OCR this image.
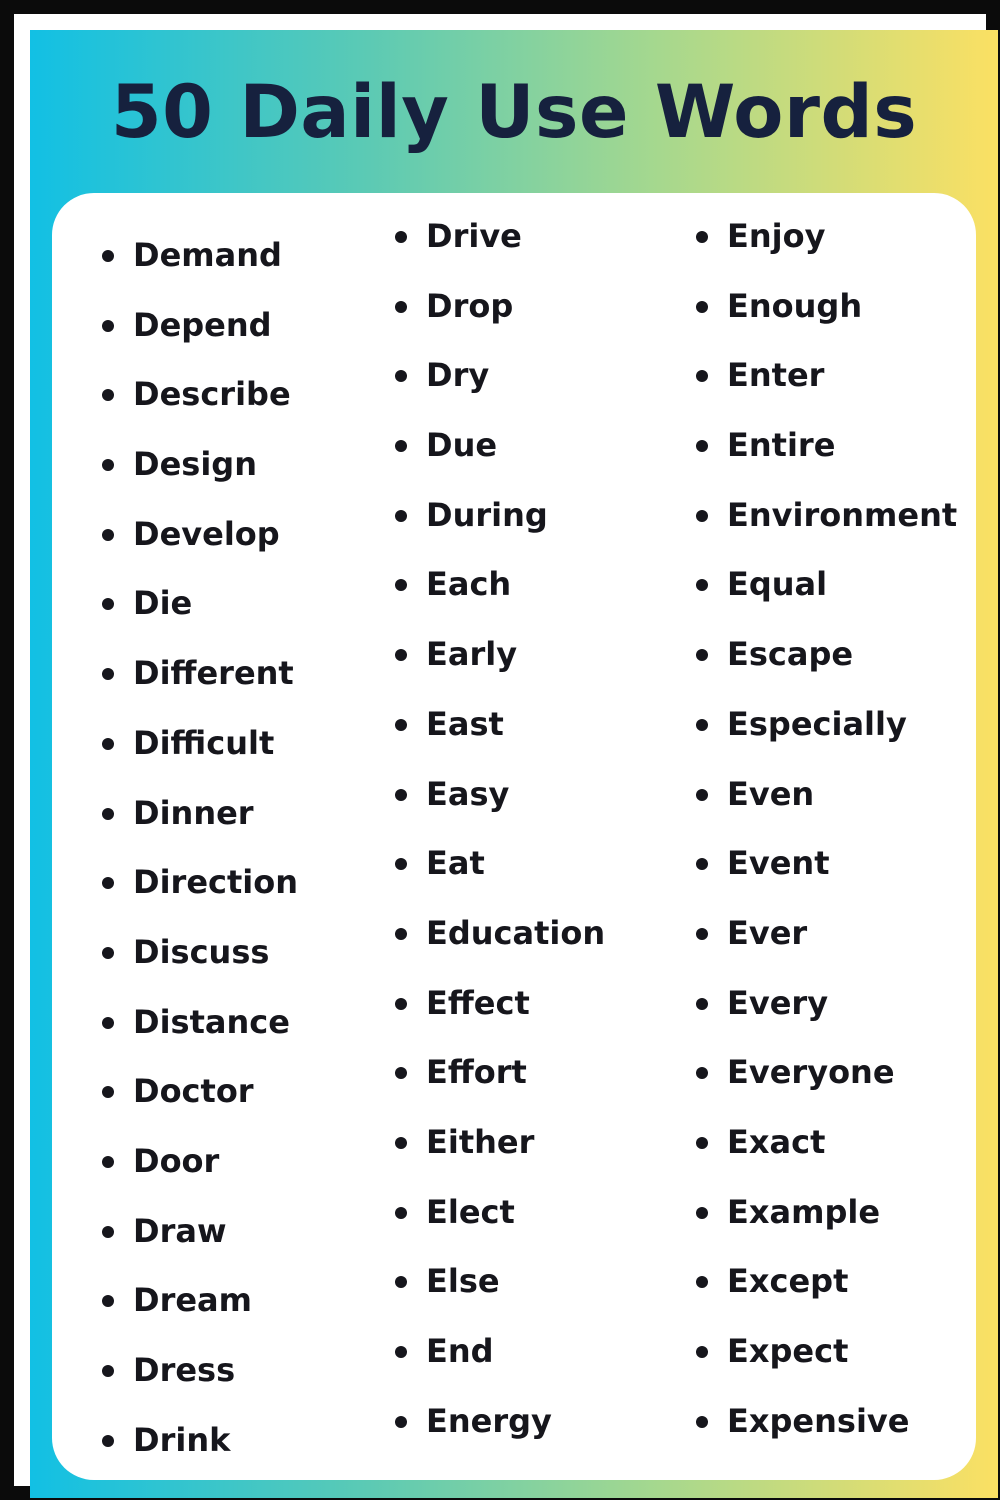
50 Daily Use Words
Demand
Depend
Describe
Design
Develop
Die
Different
Difficult
Dinner
Direction
Discuss
Distance
Doctor
Door
Draw
Dream
Dress
Drink
Drive
Drop
Dry
Due
During
Each
Early
East
Easy
Eat
Education
Effect
Effort
Either
Elect
Else
End
Energy
Enjoy
Enough
Enter
Entire
Environment
Equal
Escape
Especially
Even
Event
Ever
Every
Everyone
Exact
Example
Except
Expect
Expensive
